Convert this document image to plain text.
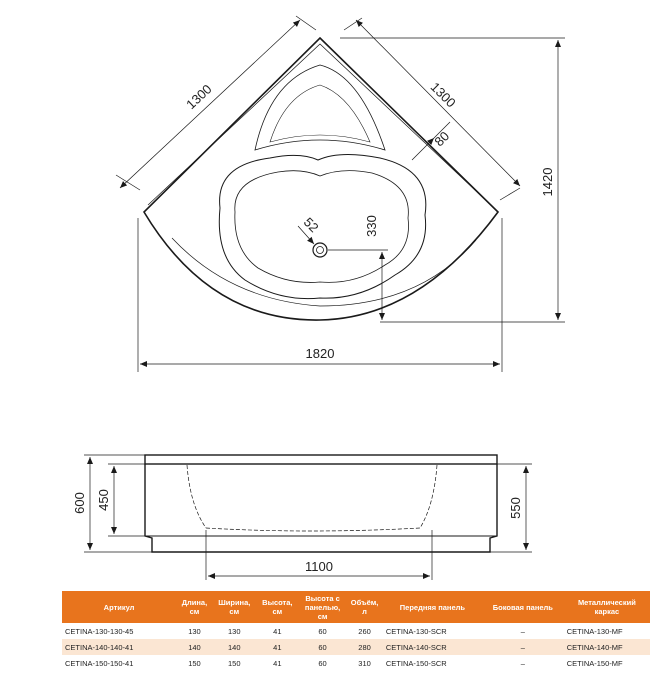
1300	1300
80
52	330
1420
1820
600 450	550
1100
Артикул	Длина, см	Ширина, см	Высота, см	Высота с панелью, см	Объём, л	Передняя панель	Боковая панель	Металлический каркас
CETINA-130-130-45	130	130	41	60	260	CETINA-130-SCR	–	CETINA-130-MF
CETINA-140-140-41	140	140	41	60	280	CETINA-140-SCR	–	CETINA-140-MF
CETINA-150-150-41	150	150	41	60	310	CETINA-150-SCR	–	CETINA-150-MF
